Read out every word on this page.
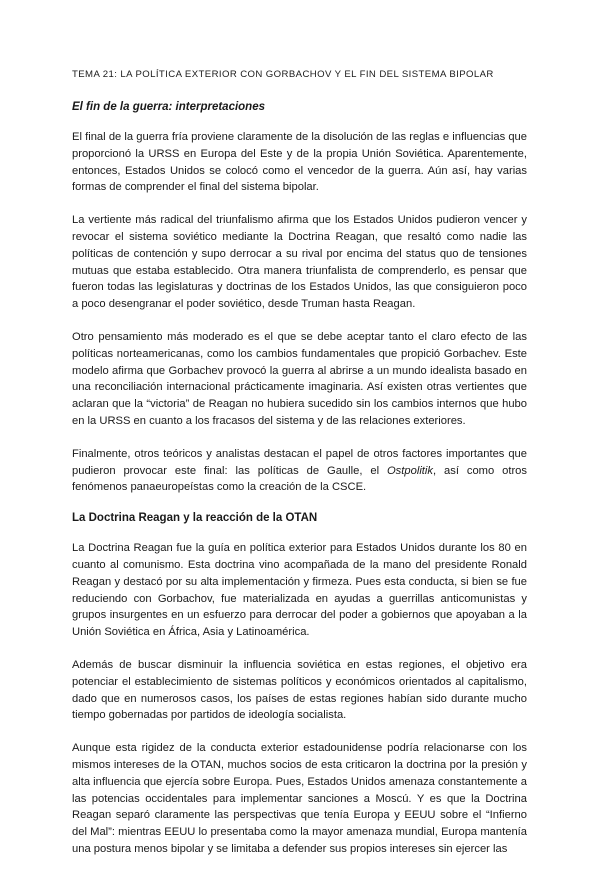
TEMA 21: LA POLÍTICA EXTERIOR CON GORBACHOV Y EL FIN DEL SISTEMA BIPOLAR
El fin de la guerra: interpretaciones

El final de la guerra fría proviene claramente de la disolución de las reglas e influencias que proporcionó la URSS en Europa del Este y de la propia Unión Soviética. Aparentemente, entonces, Estados Unidos se colocó como el vencedor de la guerra. Aún así, hay varias formas de comprender el final del sistema bipolar.

La vertiente más radical del triunfalismo afirma que los Estados Unidos pudieron vencer y revocar el sistema soviético mediante la Doctrina Reagan, que resaltó como nadie las políticas de contención y supo derrocar a su rival por encima del status quo de tensiones mutuas que estaba establecido. Otra manera triunfalista de comprenderlo, es pensar que fueron todas las legislaturas y doctrinas de los Estados Unidos, las que consiguieron poco a poco desengranar el poder soviético, desde Truman hasta Reagan.

Otro pensamiento más moderado es el que se debe aceptar tanto el claro efecto de las políticas norteamericanas, como los cambios fundamentales que propició Gorbachev. Este modelo afirma que Gorbachev provocó la guerra al abrirse a un mundo idealista basado en una reconciliación internacional prácticamente imaginaria. Así existen otras vertientes que aclaran que la “victoria” de Reagan no hubiera sucedido sin los cambios internos que hubo en la URSS en cuanto a los fracasos del sistema y de las relaciones exteriores.

Finalmente, otros teóricos y analistas destacan el papel de otros factores importantes que pudieron provocar este final: las políticas de Gaulle, el Ostpolitik, así como otros fenómenos panaeuropeístas como la creación de la CSCE.

La Doctrina Reagan y la reacción de la OTAN

La Doctrina Reagan fue la guía en política exterior para Estados Unidos durante los 80 en cuanto al comunismo. Esta doctrina vino acompañada de la mano del presidente Ronald Reagan y destacó por su alta implementación y firmeza. Pues esta conducta, si bien se fue reduciendo con Gorbachov, fue materializada en ayudas a guerrillas anticomunistas y grupos insurgentes en un esfuerzo para derrocar del poder a gobiernos que apoyaban a la Unión Soviética en África, Asia y Latinoamérica.

Además de buscar disminuir la influencia soviética en estas regiones, el objetivo era potenciar el establecimiento de sistemas políticos y económicos orientados al capitalismo, dado que en numerosos casos, los países de estas regiones habían sido durante mucho tiempo gobernadas por partidos de ideología socialista.

Aunque esta rigidez de la conducta exterior estadounidense podría relacionarse con los mismos intereses de la OTAN, muchos socios de esta criticaron la doctrina por la presión y alta influencia que ejercía sobre Europa. Pues, Estados Unidos amenaza constantemente a las potencias occidentales para implementar sanciones a Moscú. Y es que la Doctrina Reagan separó claramente las perspectivas que tenía Europa y EEUU sobre el “Infierno del Mal”: mientras EEUU lo presentaba como la mayor amenaza mundial, Europa mantenía una postura menos bipolar y se limitaba a defender sus propios intereses sin ejercer las
